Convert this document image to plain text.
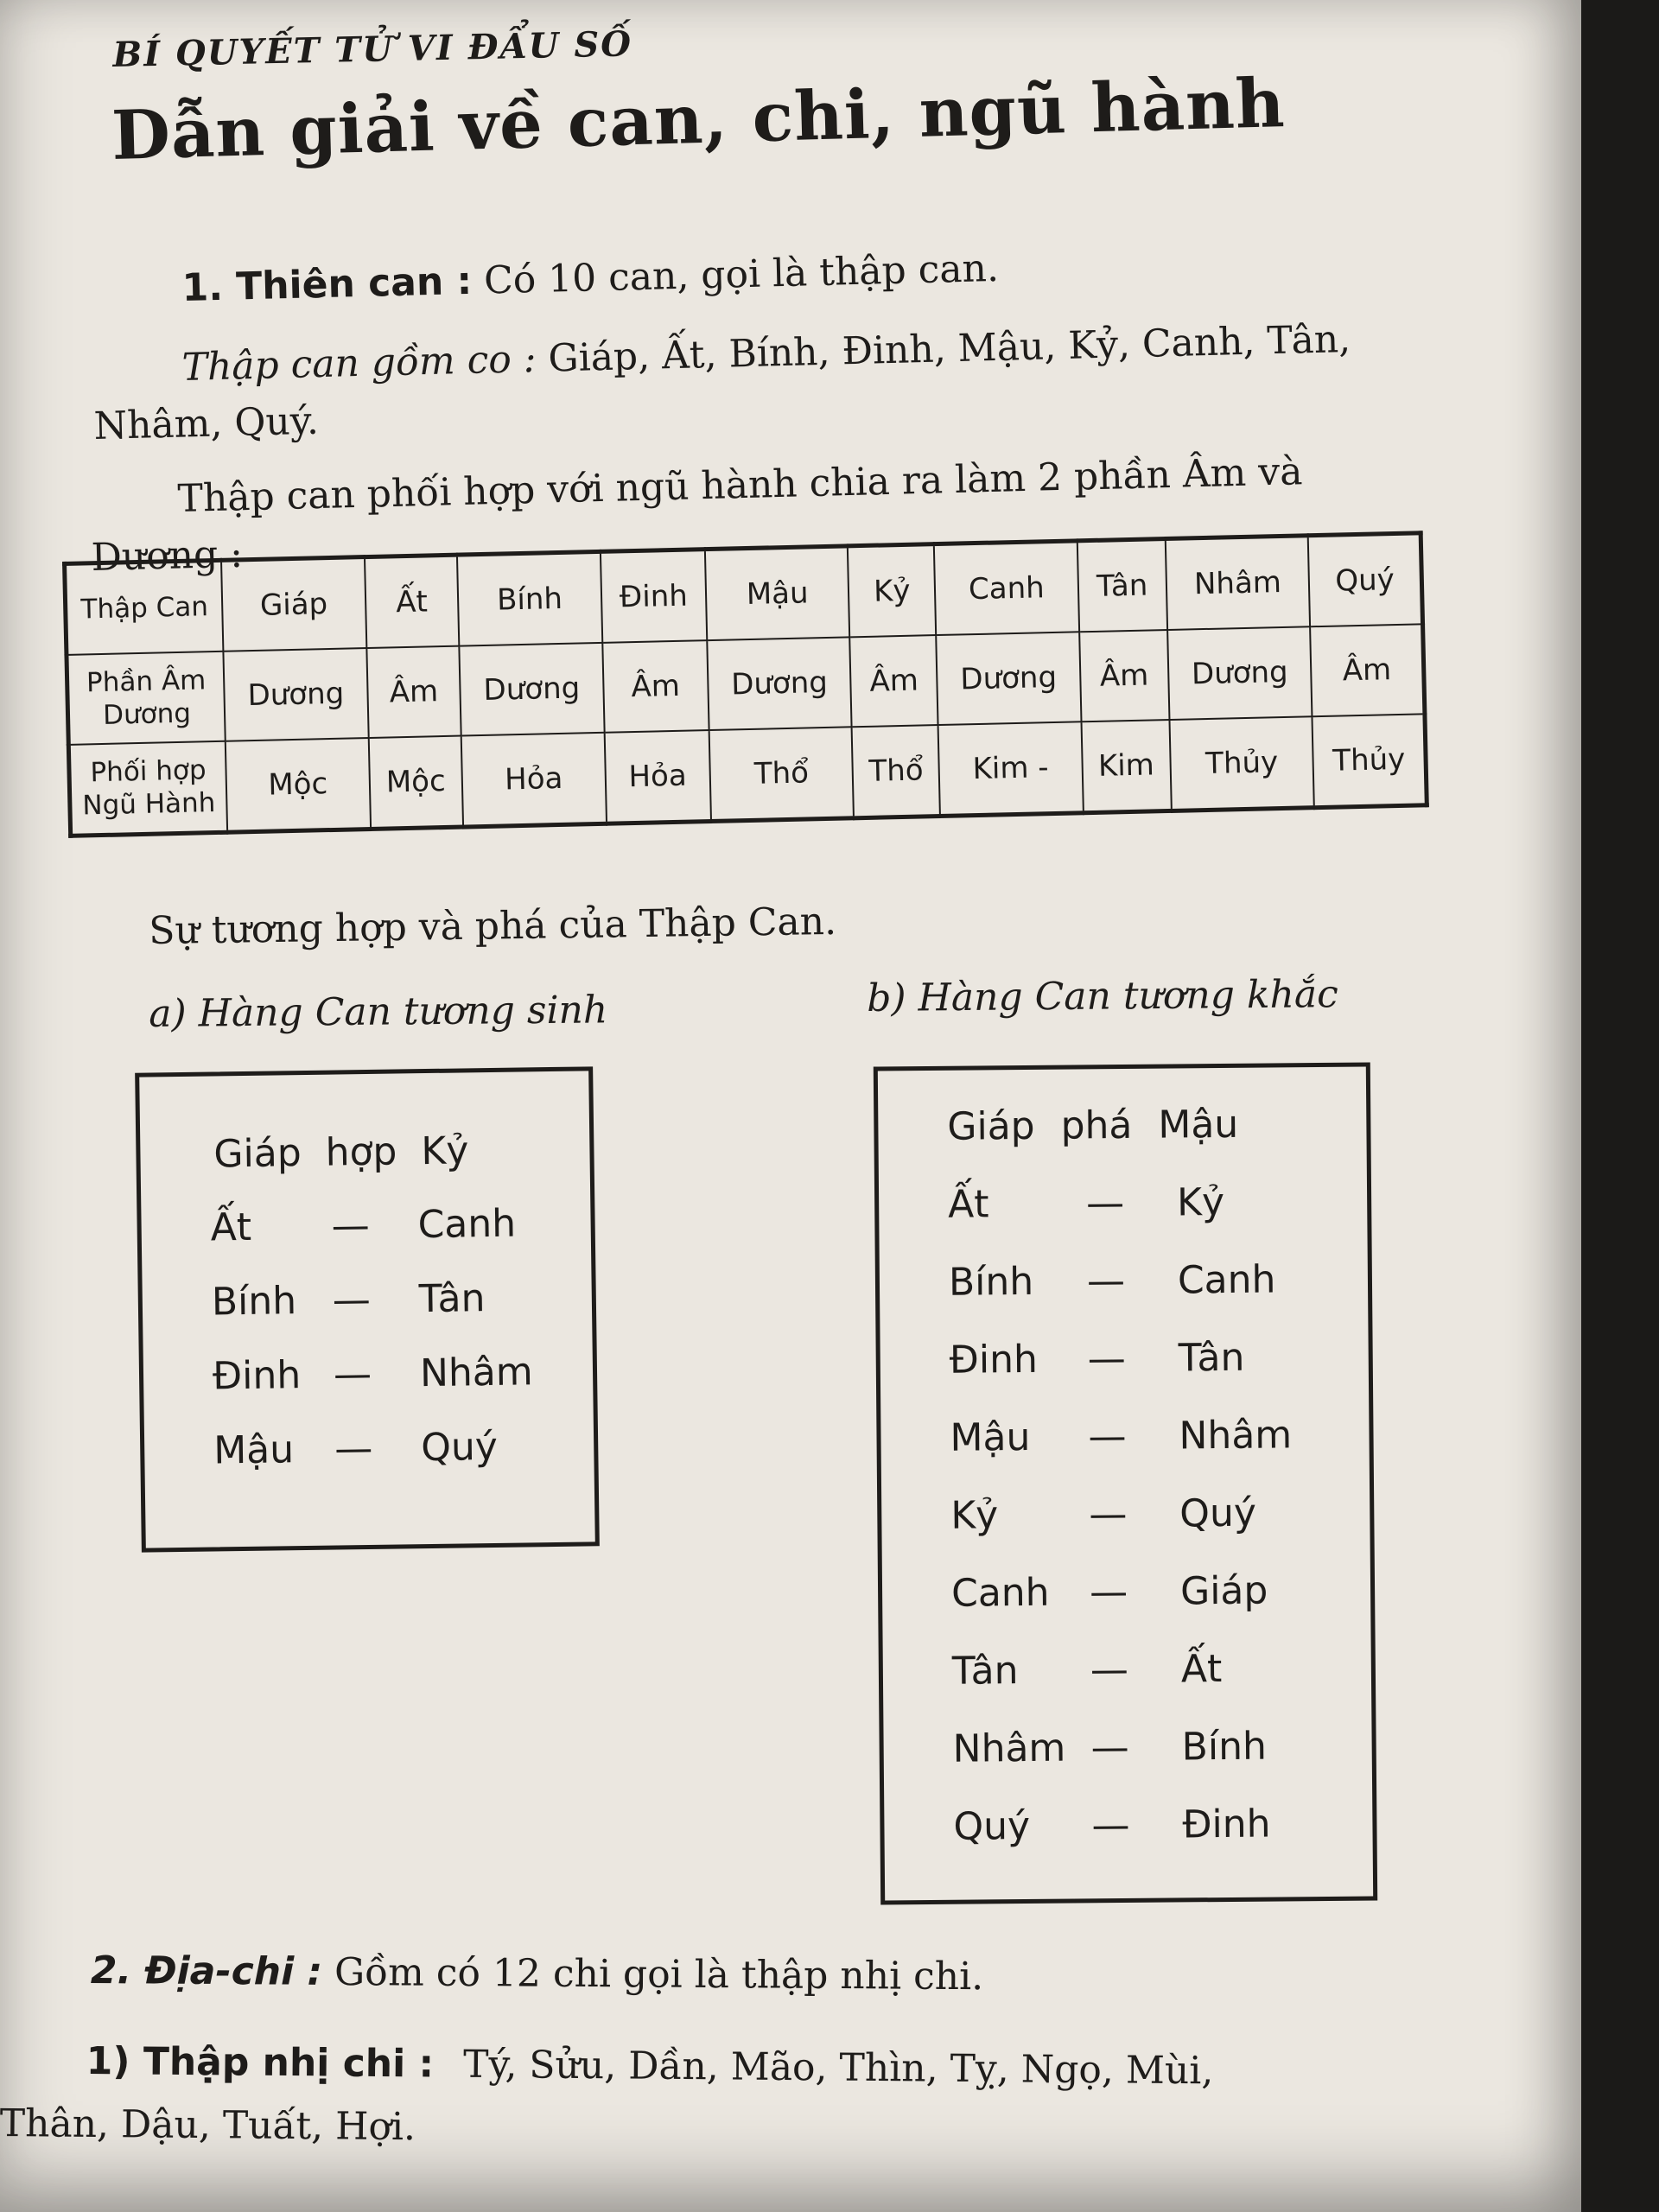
BÍ QUYẾT TỬ VI ĐẨU SỐ
Dẫn giải về can, chi, ngũ hành
1. Thiên can : Có 10 can, gọi là thập can.
Thập can gồm co : Giáp, Ất, Bính, Đinh, Mậu, Kỷ, Canh, Tân,
Nhâm, Quý.
Thập can phối hợp với ngũ hành chia ra làm 2 phần Âm và
Dương :
Thập Can	Giáp	Ất	Bính	Đinh	Mậu	Kỷ	Canh	Tân	Nhâm	Quý
Phần Âm Dương	Dương	Âm	Dương	Âm	Dương	Âm	Dương	Âm	Dương	Âm
Phối hợp Ngũ Hành	Mộc	Mộc	Hỏa	Hỏa	Thổ	Thổ	Kim -	Kim	Thủy	Thủy
Sự tương hợp và phá của Thập Can.
a) Hàng Can tương sinh	b) Hàng Can tương khắc
Giáp hợp Kỷ
Ất — Canh
Bính — Tân
Đinh — Nhâm
Mậu — Quý
Giáp phá Mậu
Ất	— Kỷ
Bính — Canh
Đinh — Tân
Mậu — Nhâm
Kỷ — Quý
Canh — Giáp
Tân — Ất
Nhâm — Bính
Quý — Đinh
2. Địa-chi : Gồm có 12 chi gọi là thập nhị chi.
1) Thập nhị chi : Tý, Sửu, Dần, Mão, Thìn, Tỵ, Ngọ, Mùi,
Thân, Dậu, Tuất, Hợi.
